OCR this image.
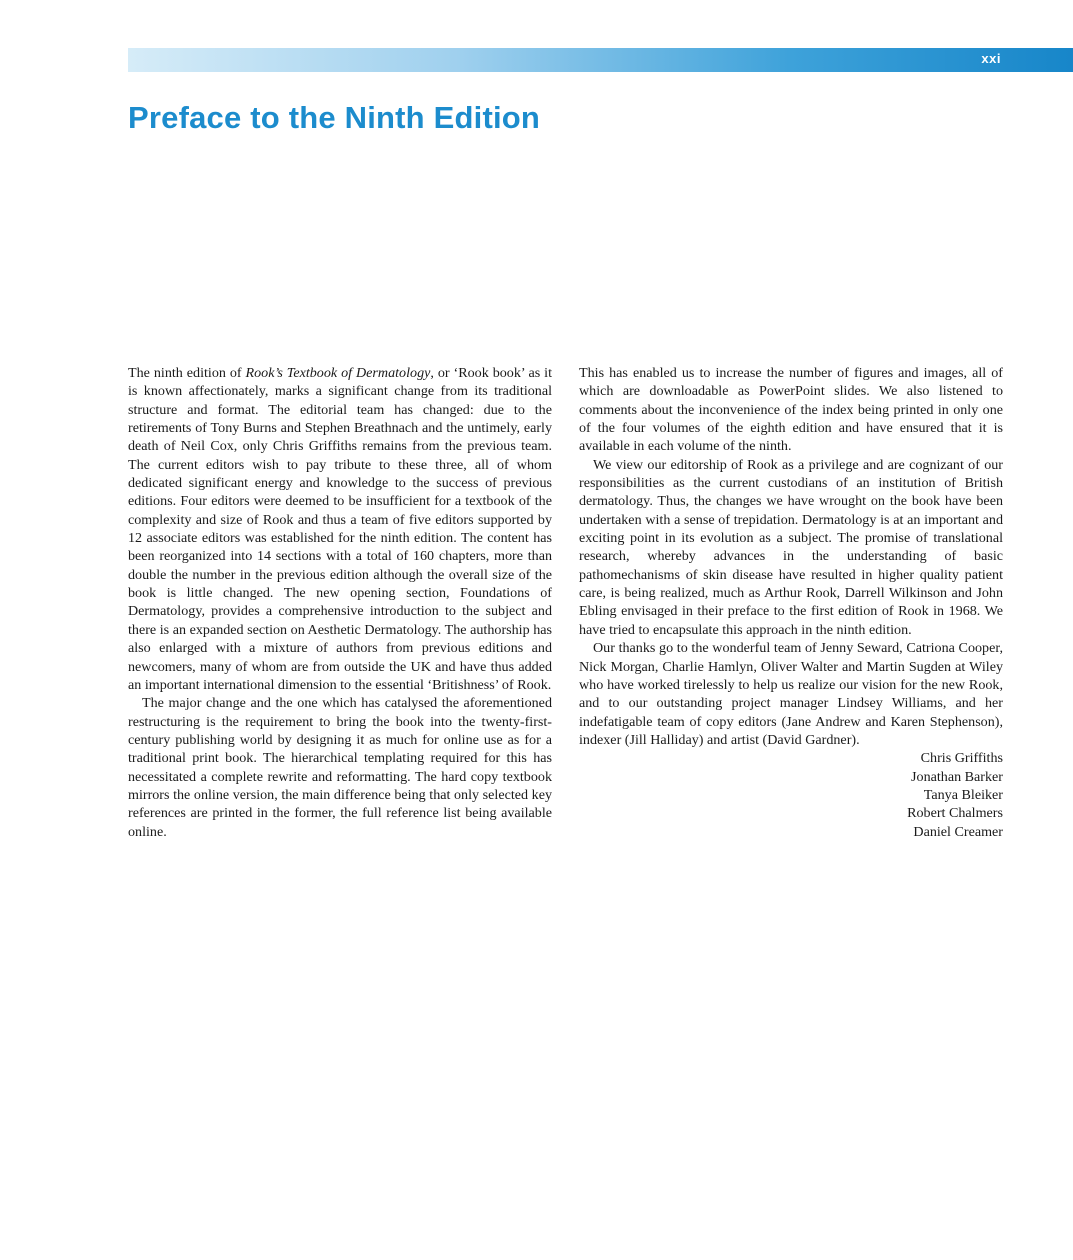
xxi
Preface to the Ninth Edition

The ninth edition of Rook’s Textbook of Dermatology, or ‘Rook book’ as it is known affectionately, marks a significant change from its traditional structure and format. The editorial team has changed: due to the retirements of Tony Burns and Stephen Breathnach and the untimely, early death of Neil Cox, only Chris Griffiths remains from the previous team. The current editors wish to pay tribute to these three, all of whom dedicated significant energy and knowledge to the success of previous editions. Four editors were deemed to be insufficient for a textbook of the complexity and size of Rook and thus a team of five editors supported by 12 associate editors was established for the ninth edition. The content has been reorganized into 14 sections with a total of 160 chapters, more than double the number in the previous edition although the overall size of the book is little changed. The new opening section, Foundations of Dermatology, provides a comprehensive introduction to the subject and there is an expanded section on Aesthetic Dermatology. The authorship has also enlarged with a mixture of authors from previous editions and newcomers, many of whom are from outside the UK and have thus added an important international dimension to the essential ‘Britishness’ of Rook.

The major change and the one which has catalysed the aforementioned restructuring is the requirement to bring the book into the twenty-first-century publishing world by designing it as much for online use as for a traditional print book. The hierarchical templating required for this has necessitated a complete rewrite and reformatting. The hard copy textbook mirrors the online version, the main difference being that only selected key references are printed in the former, the full reference list being available online.

This has enabled us to increase the number of figures and images, all of which are downloadable as PowerPoint slides. We also listened to comments about the inconvenience of the index being printed in only one of the four volumes of the eighth edition and have ensured that it is available in each volume of the ninth.

We view our editorship of Rook as a privilege and are cognizant of our responsibilities as the current custodians of an institution of British dermatology. Thus, the changes we have wrought on the book have been undertaken with a sense of trepidation. Dermatology is at an important and exciting point in its evolution as a subject. The promise of translational research, whereby advances in the understanding of basic pathomechanisms of skin disease have resulted in higher quality patient care, is being realized, much as Arthur Rook, Darrell Wilkinson and John Ebling envisaged in their preface to the first edition of Rook in 1968. We have tried to encapsulate this approach in the ninth edition.

Our thanks go to the wonderful team of Jenny Seward, Catriona Cooper, Nick Morgan, Charlie Hamlyn, Oliver Walter and Martin Sugden at Wiley who have worked tirelessly to help us realize our vision for the new Rook, and to our outstanding project manager Lindsey Williams, and her indefatigable team of copy editors (Jane Andrew and Karen Stephenson), indexer (Jill Halliday) and artist (David Gardner).

Chris Griffiths
Jonathan Barker
Tanya Bleiker
Robert Chalmers
Daniel Creamer
